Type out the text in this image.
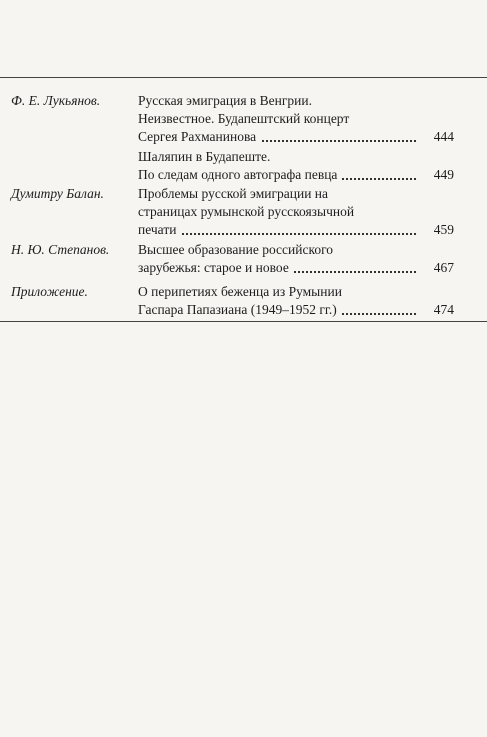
Ф. Е. Лукьянов.	Русская эмиграция в Венгрии.
Неизвестное. Будапештский концерт
Сергея Рахманинова	444
Шаляпин в Будапеште.
По следам одного автографа певца	449
Думитру Балан.	Проблемы русской эмиграции на
страницах румынской русскоязычной
печати	459
Н. Ю. Степанов. Высшее образование российского
зарубежья: старое и новое	467
Приложение.	О перипетиях беженца из Румынии
Гаспара Папазиана (1949–1952 гг.)	474
